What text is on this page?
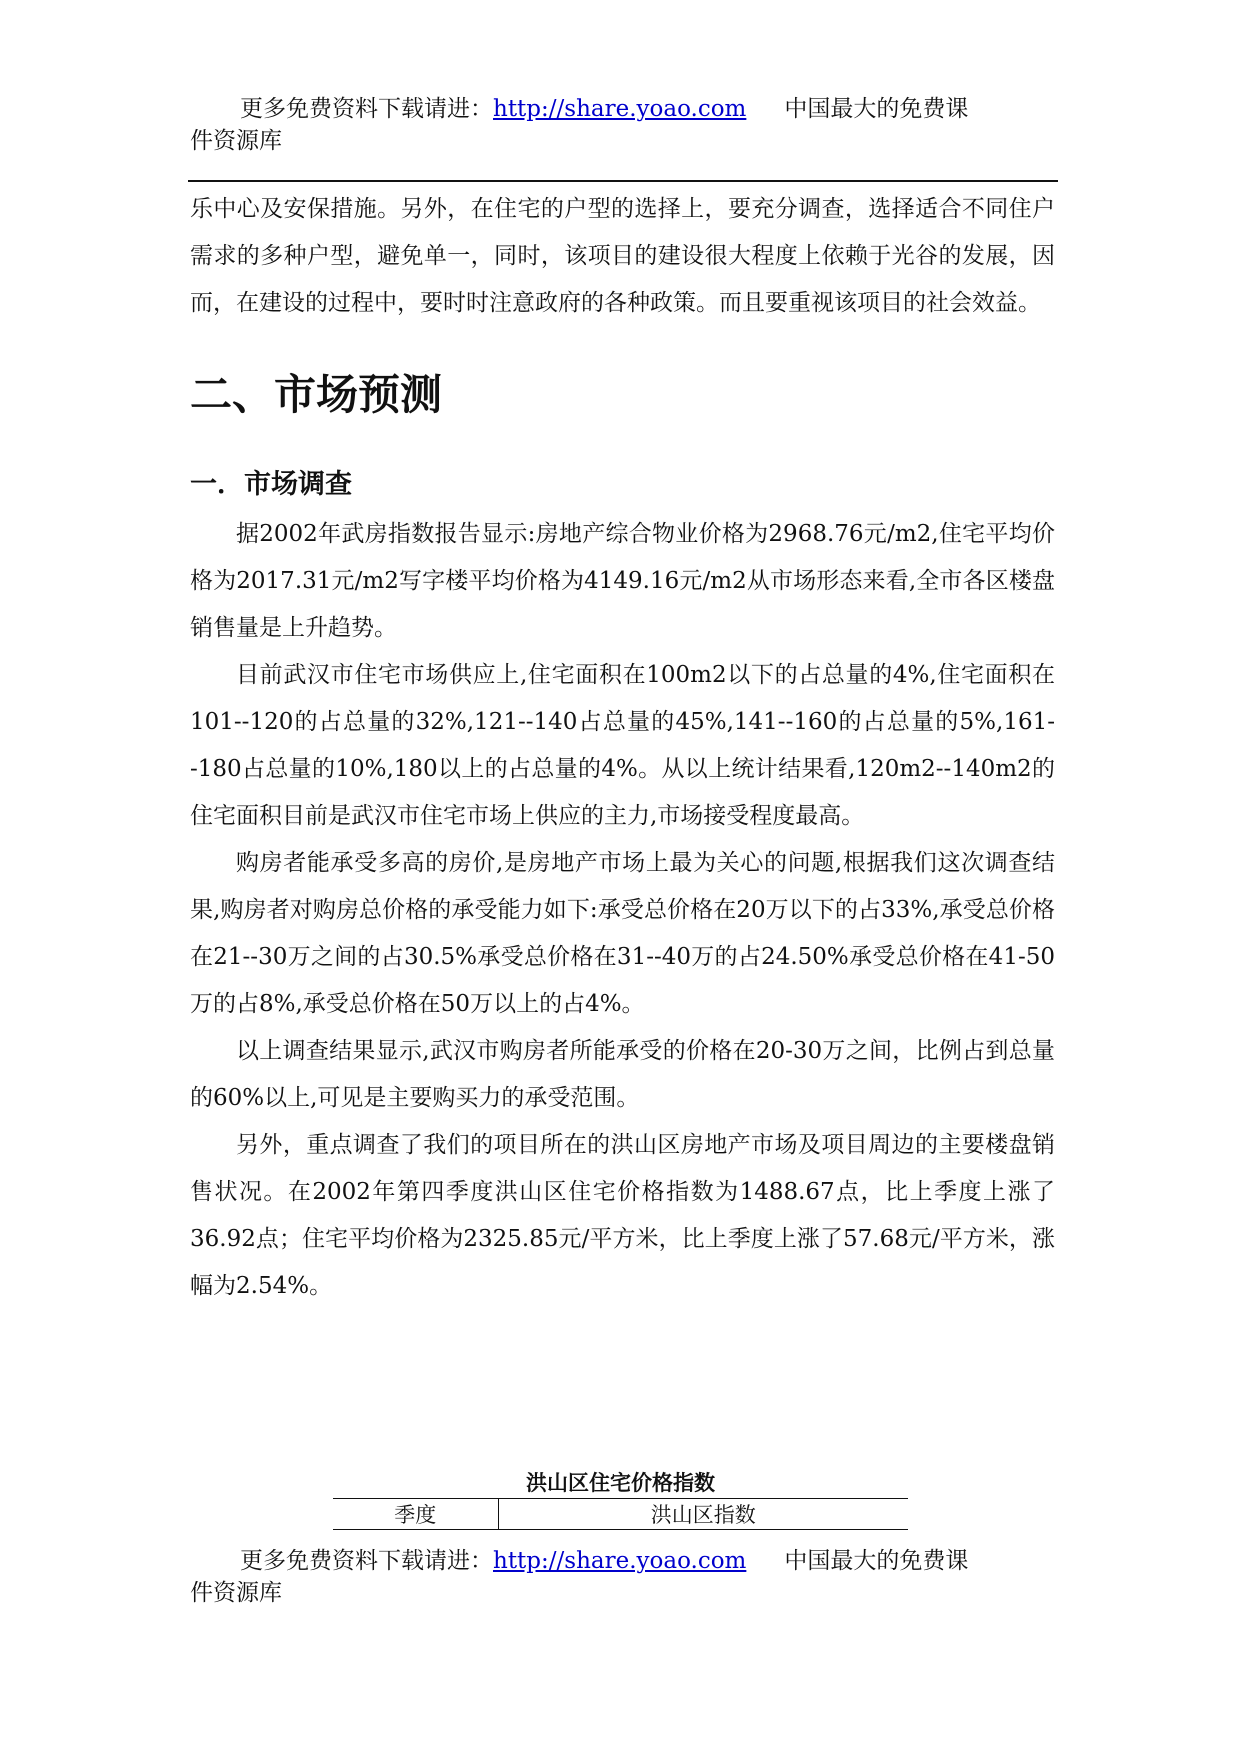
更多免费资料下载请进：http://share.yoao.com 中国最大的免费课
件资源库

乐中心及安保措施。另外，在住宅的户型的选择上，要充分调查，选择适合不同住户需求的多种户型，避免单一，同时，该项目的建设很大程度上依赖于光谷的发展，因而，在建设的过程中，要时时注意政府的各种政策。而且要重视该项目的社会效益。

二、市场预测
一．市场调查

据2002年武房指数报告显示:房地产综合物业价格为2968.76元/m2,住宅平均价格为2017.31元/m2写字楼平均价格为4149.16元/m2从市场形态来看,全市各区楼盘销售量是上升趋势。

目前武汉市住宅市场供应上,住宅面积在100m2以下的占总量的4%,住宅面积在101--120的占总量的32%,121--140占总量的45%,141--160的占总量的5%,161--180占总量的10%,180以上的占总量的4%。从以上统计结果看,120m2--140m2的住宅面积目前是武汉市住宅市场上供应的主力,市场接受程度最高。

购房者能承受多高的房价,是房地产市场上最为关心的问题,根据我们这次调查结果,购房者对购房总价格的承受能力如下:承受总价格在20万以下的占33%,承受总价格在21--30万之间的占30.5%承受总价格在31--40万的占24.50%承受总价格在41-50万的占8%,承受总价格在50万以上的占4%。

以上调查结果显示,武汉市购房者所能承受的价格在20-30万之间，比例占到总量的60%以上,可见是主要购买力的承受范围。

另外，重点调查了我们的项目所在的洪山区房地产市场及项目周边的主要楼盘销售状况。在2002年第四季度洪山区住宅价格指数为1488.67点，比上季度上涨了36.92点；住宅平均价格为2325.85元/平方米，比上季度上涨了57.68元/平方米，涨幅为2.54%。

洪山区住宅价格指数
季度	洪山区指数
更多免费资料下载请进：http://share.yoao.com 中国最大的免费课
件资源库
